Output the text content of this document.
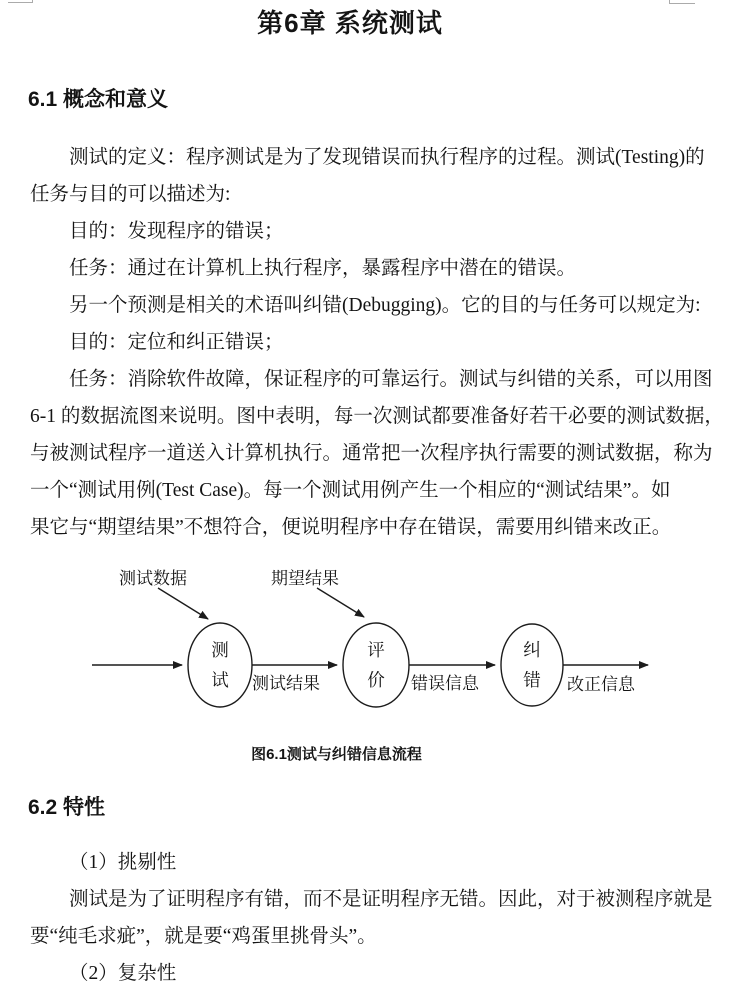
第6章 系统测试
6.1 概念和意义
测试的定义：程序测试是为了发现错误而执行程序的过程。测试(Testing)的
任务与目的可以描述为:
目的：发现程序的错误；
任务：通过在计算机上执行程序，暴露程序中潜在的错误。
另一个预测是相关的术语叫纠错(Debugging)。它的目的与任务可以规定为:
目的：定位和纠正错误；
任务：消除软件故障，保证程序的可靠运行。测试与纠错的关系，可以用图
6-1 的数据流图来说明。图中表明，每一次测试都要准备好若干必要的测试数据，
与被测试程序一道送入计算机执行。通常把一次程序执行需要的测试数据，称为
一个“测试用例(Test Case)。每一个测试用例产生一个相应的“测试结果”。如
果它与“期望结果”不想符合，便说明程序中存在错误，需要用纠错来改正。
测试数据	期望结果
测试
评价
纠错
测试结果	错误信息	改正信息
图6.1测试与纠错信息流程
6.2 特性
（1）挑剔性
测试是为了证明程序有错，而不是证明程序无错。因此，对于被测程序就是
要“纯毛求疵”，就是要“鸡蛋里挑骨头”。
（2）复杂性
